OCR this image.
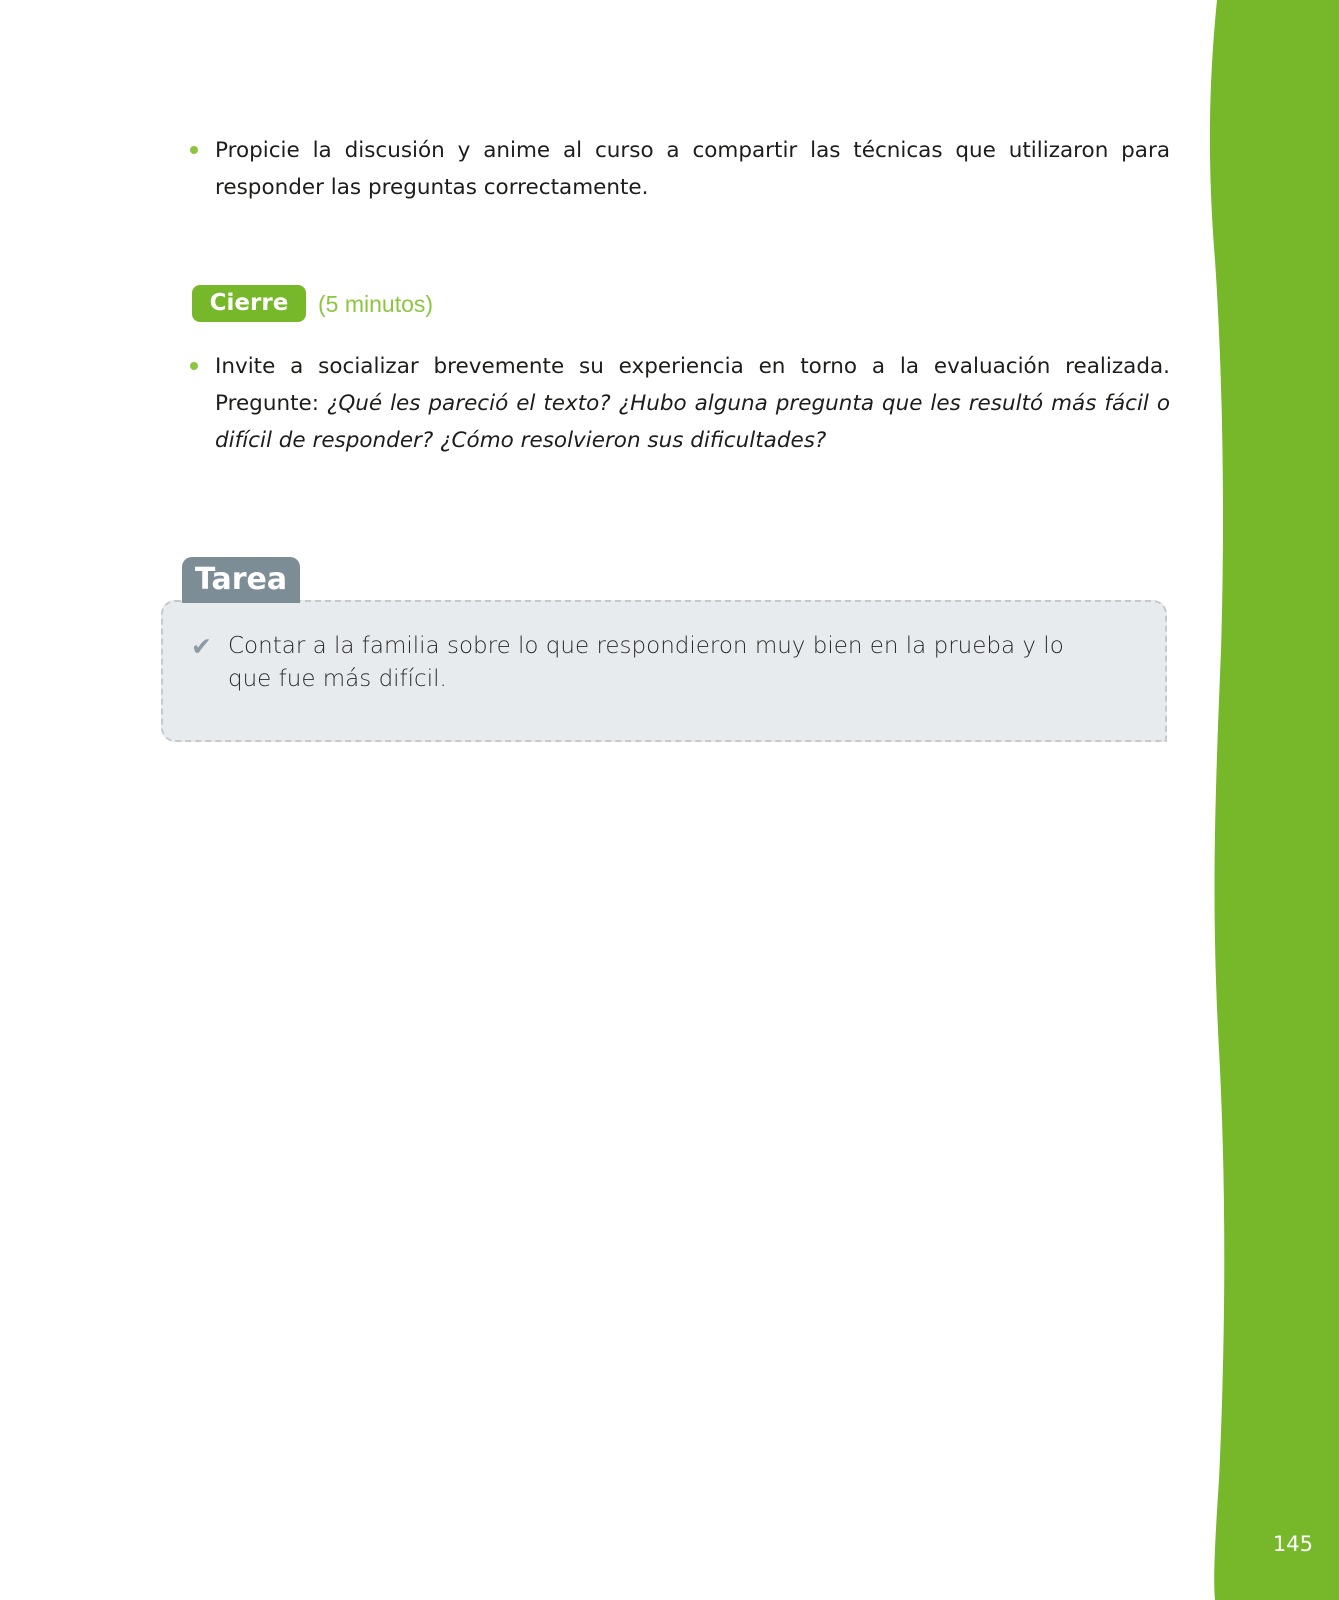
145
Propicie la discusión y anime al curso a compartir las técnicas que utilizaron para responder las preguntas correctamente.
Cierre	(5 minutos)
Invite a socializar brevemente su experiencia en torno a la evaluación realizada. Pregunte: ¿Qué les pareció el texto? ¿Hubo alguna pregunta que les resultó más fácil o difícil de responder? ¿Cómo resolvieron sus dificultades?
✔ Contar a la familia sobre lo que respondieron muy bien en la prueba y lo que fue más difícil.
Tarea
